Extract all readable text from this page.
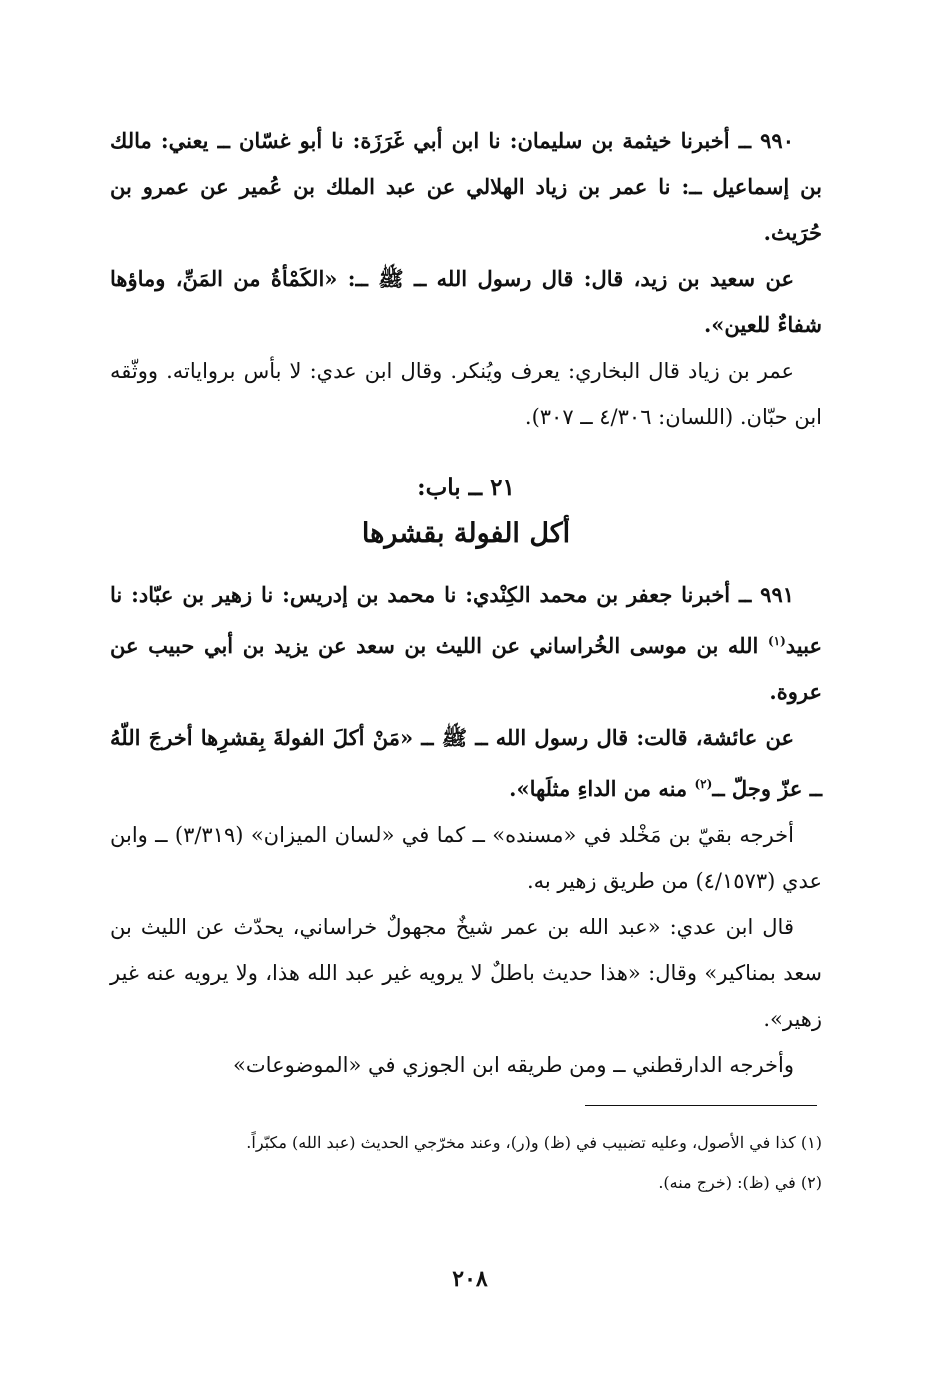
٩٩٠ ــ أخبرنا خيثمة بن سليمان: نا ابن أبي غَرَزَة: نا أبو غسّان ــ يعني: مالك بن إسماعيل ــ: نا عمر بن زياد الهلالي عن عبد الملك بن عُمير عن عمرو بن حُرَيث.

عن سعيد بن زيد، قال: قال رسول الله ــ ﷺ ــ: «الكَمْأةُ من المَنِّ، وماؤها شفاءٌ للعين».

عمر بن زياد قال البخاري: يعرف ويُنكر. وقال ابن عدي: لا بأس برواياته. ووثّقه ابن حبّان. (اللسان: ٤/٣٠٦ ــ ٣٠٧).

٢١ ــ باب:
أكل الفولة بقشرها

٩٩١ ــ أخبرنا جعفر بن محمد الكِنْدي: نا محمد بن إدريس: نا زهير بن عبّاد: نا عبيد$^{(١)}$ الله بن موسى الخُراساني عن الليث بن سعد عن يزيد بن أبي حبيب عن عروة.

عن عائشة، قالت: قال رسول الله ــ ﷺ ــ «مَنْ أكلَ الفولةَ بِقشرِها أخرجَ اللّهُ ــ عزّ وجلّ ــ$^{(٢)}$ منه من الداءِ مثلَها».

أخرجه بقيّ بن مَخْلد في «مسنده» ــ كما في «لسان الميزان» (٣/٣١٩) ــ وابن عدي (٤/١٥٧٣) من طريق زهير به.

قال ابن عدي: «عبد الله بن عمر شيخٌ مجهولٌ خراساني، يحدّث عن الليث بن سعد بمناكير» وقال: «هذا حديث باطلٌ لا يرويه غير عبد الله هذا، ولا يرويه عنه غير زهير».

وأخرجه الدارقطني ــ ومن طريقه ابن الجوزي في «الموضوعات»

(١) كذا في الأصول، وعليه تضبيب في (ظ) و(ر)، وعند مخرّجي الحديث (عبد الله) مكبّراً.

(٢) في (ظ): (خرج منه).

٢٠٨
